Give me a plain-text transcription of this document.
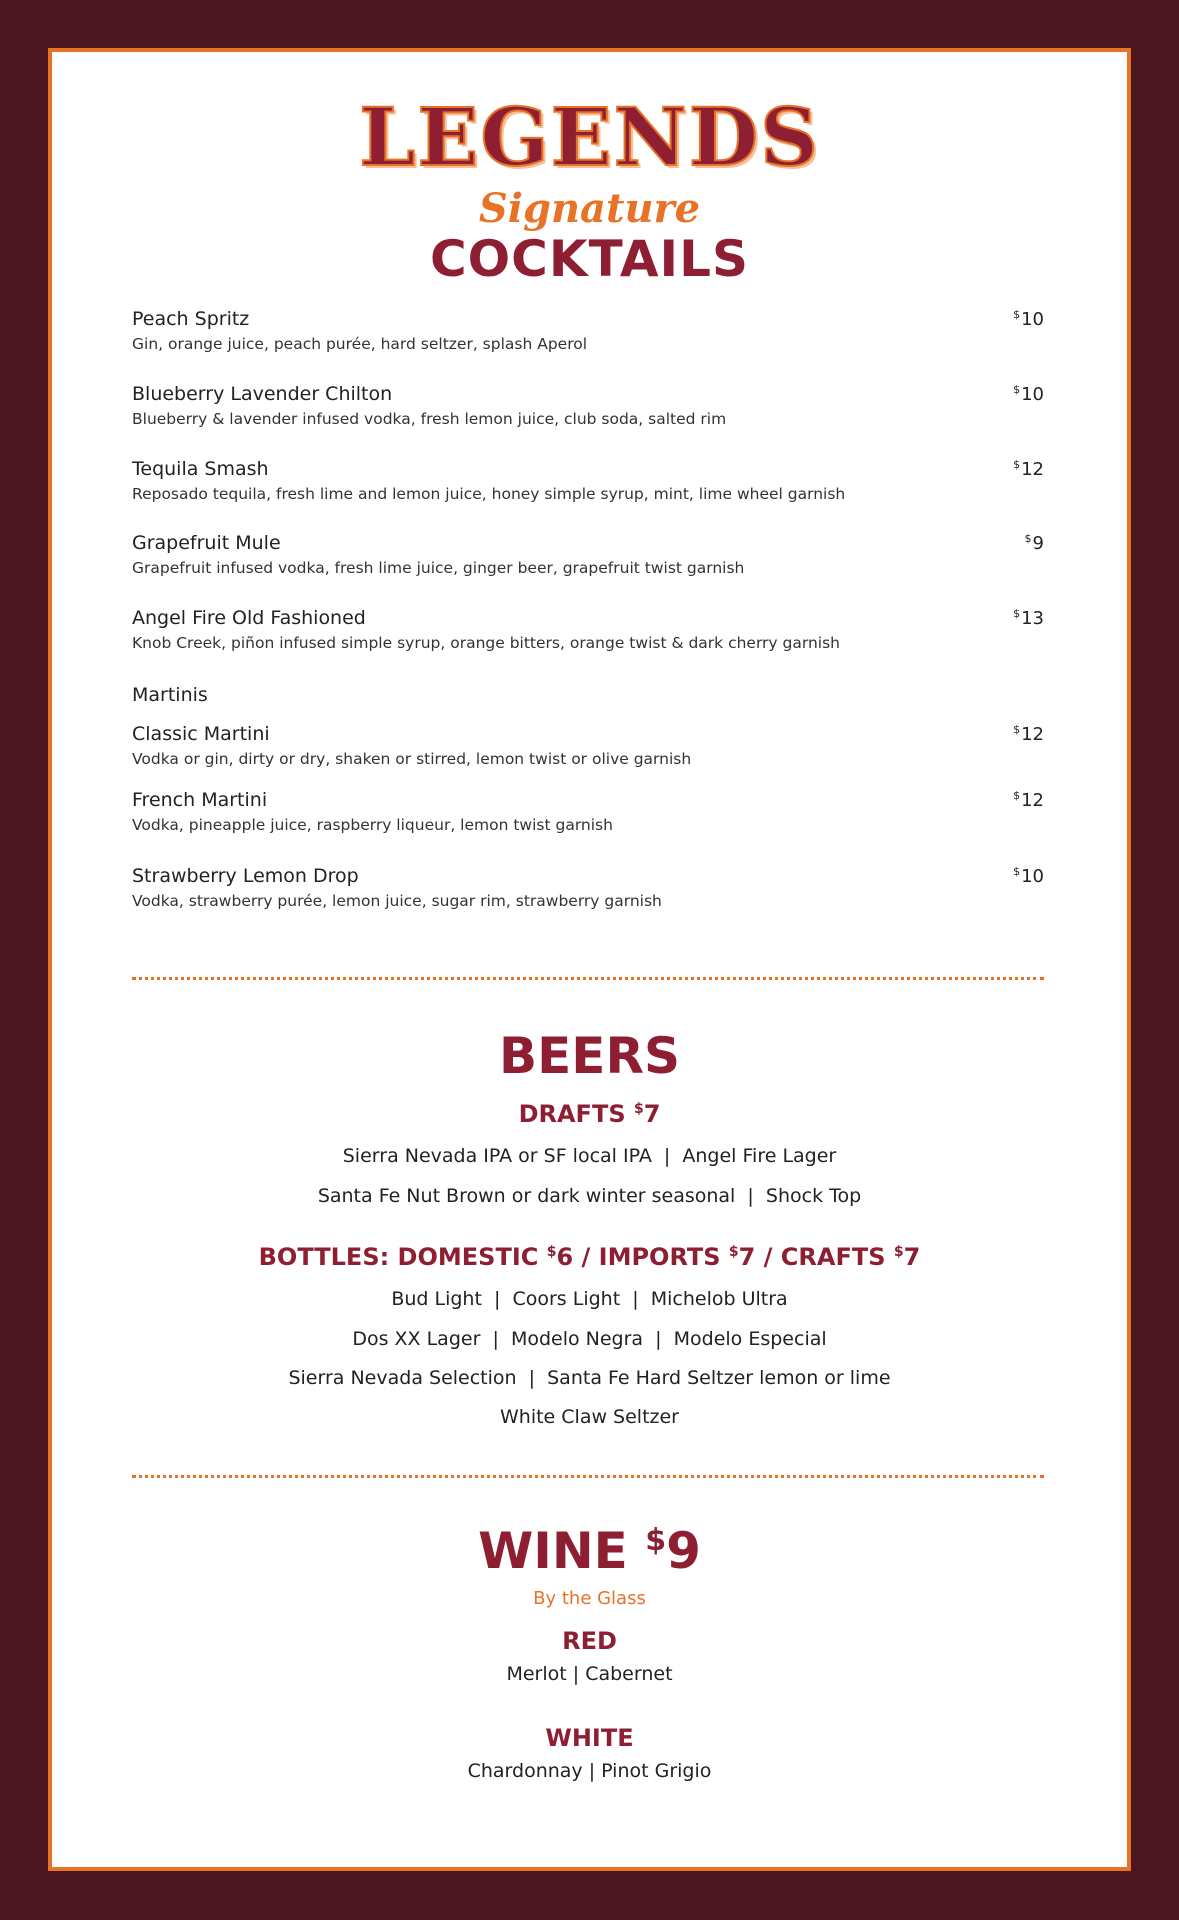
LEGENDS
Signature
COCKTAILS
Peach Spritz
Gin, orange juice, peach purée, hard seltzer, splash Aperol
$10
Blueberry Lavender Chilton
Blueberry & lavender infused vodka, fresh lemon juice, club soda, salted rim
$10
Tequila Smash
Reposado tequila, fresh lime and lemon juice, honey simple syrup, mint, lime wheel garnish
$12
Grapefruit Mule
Grapefruit infused vodka, fresh lime juice, ginger beer, grapefruit twist garnish
$9
Angel Fire Old Fashioned
Knob Creek, piñon infused simple syrup, orange bitters, orange twist & dark cherry garnish
$13
Martinis
Classic Martini
Vodka or gin, dirty or dry, shaken or stirred, lemon twist or olive garnish
$12
French Martini
Vodka, pineapple juice, raspberry liqueur, lemon twist garnish
$12
Strawberry Lemon Drop
Vodka, strawberry purée, lemon juice, sugar rim, strawberry garnish
$10
BEERS
DRAFTS $7
Sierra Nevada IPA or SF local IPA  |  Angel Fire Lager
Santa Fe Nut Brown or dark winter seasonal  |  Shock Top
BOTTLES: DOMESTIC $6 / IMPORTS $7 / CRAFTS $7
Bud Light  |  Coors Light  |  Michelob Ultra
Dos XX Lager  |  Modelo Negra  |  Modelo Especial
Sierra Nevada Selection  |  Santa Fe Hard Seltzer lemon or lime
White Claw Seltzer
WINE $9
By the Glass
RED
Merlot | Cabernet
WHITE
Chardonnay | Pinot Grigio
